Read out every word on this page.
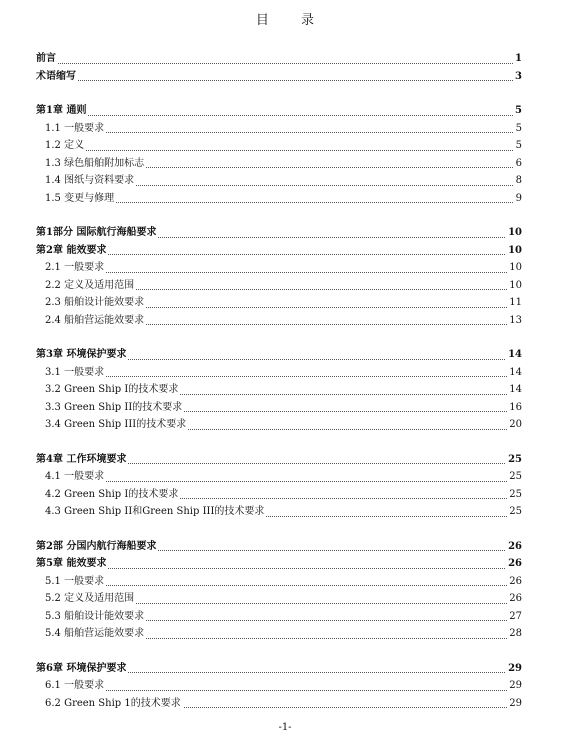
目 录
前言	1
术语缩写	3
第1章 通则	5
1.1 一般要求	5
1.2 定义	5
1.3 绿色船舶附加标志	6
1.4 图纸与资料要求	8
1.5 变更与修理	9
第1部分 国际航行海船要求	10
第2章 能效要求	10
2.1 一般要求	10
2.2 定义及适用范围	10
2.3 船舶设计能效要求	11
2.4 船舶营运能效要求	13
第3章 环境保护要求	14
3.1 一般要求	14
3.2 Green Ship I的技术要求	14
3.3 Green Ship II的技术要求	16
3.4 Green Ship III的技术要求	20
第4章 工作环境要求	25
4.1 一般要求	25
4.2 Green Ship I的技术要求	25
4.3 Green Ship II和Green Ship III的技术要求	25
第2部 分国内航行海船要求	26
第5章 能效要求	26
5.1 一般要求	26
5.2 定义及适用范围	26
5.3 船舶设计能效要求	27
5.4 船舶营运能效要求	28
第6章 环境保护要求	29
6.1 一般要求	29
6.2 Green Ship 1的技术要求	29
-1-
